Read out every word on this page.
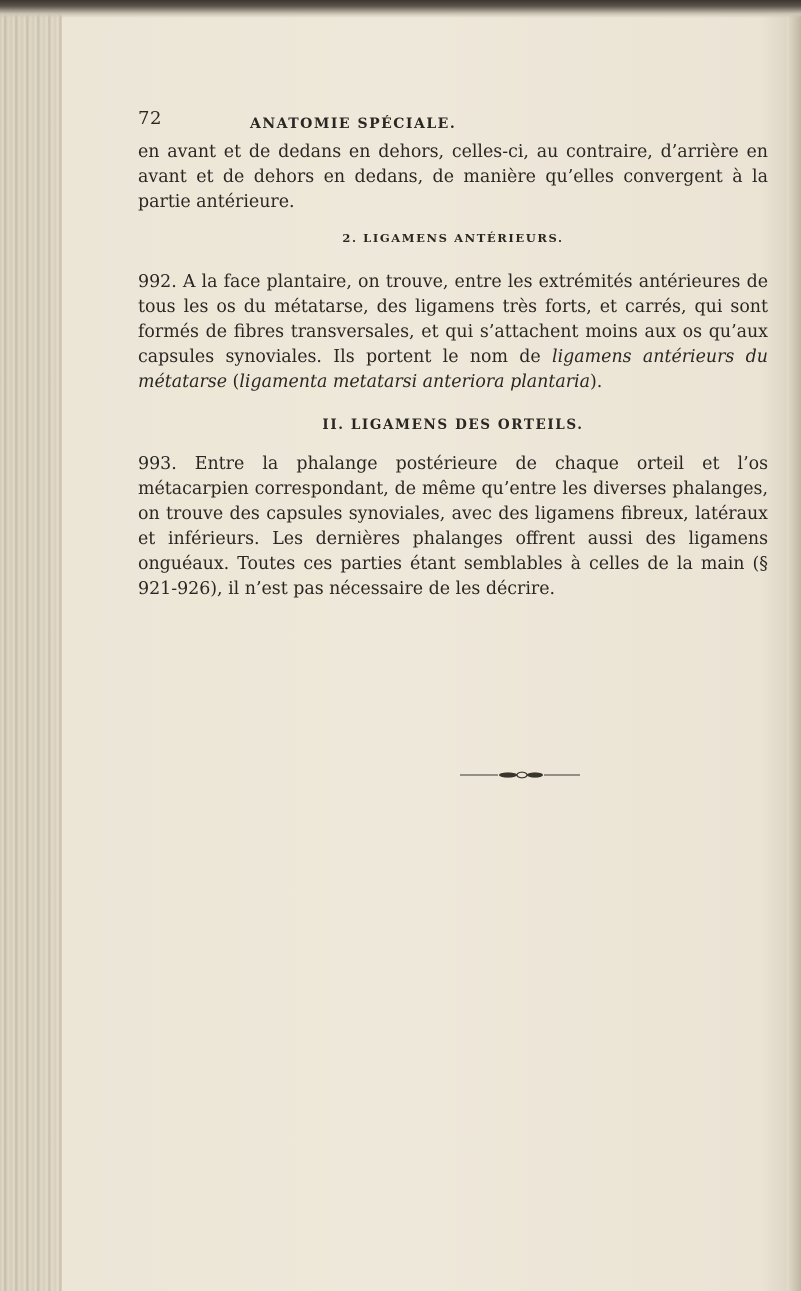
72	ANATOMIE SPÉCIALE.

en avant et de dedans en dehors, celles-ci, au contraire, d’arrière en avant et de dehors en dedans, de manière qu’elles convergent à la partie antérieure.

2. LIGAMENS ANTÉRIEURS.

992. A la face plantaire, on trouve, entre les extrémités antérieures de tous les os du métatarse, des ligamens très forts, et carrés, qui sont formés de fibres transversales, et qui s’attachent moins aux os qu’aux capsules synoviales. Ils portent le nom de ligamens antérieurs du métatarse (ligamenta metatarsi anteriora plantaria).

II. LIGAMENS DES ORTEILS.

993. Entre la phalange postérieure de chaque orteil et l’os métacarpien correspondant, de même qu’entre les diverses phalanges, on trouve des capsules synoviales, avec des ligamens fibreux, latéraux et inférieurs. Les dernières phalanges offrent aussi des ligamens onguéaux. Toutes ces parties étant semblables à celles de la main (§ 921-926), il n’est pas nécessaire de les décrire.
